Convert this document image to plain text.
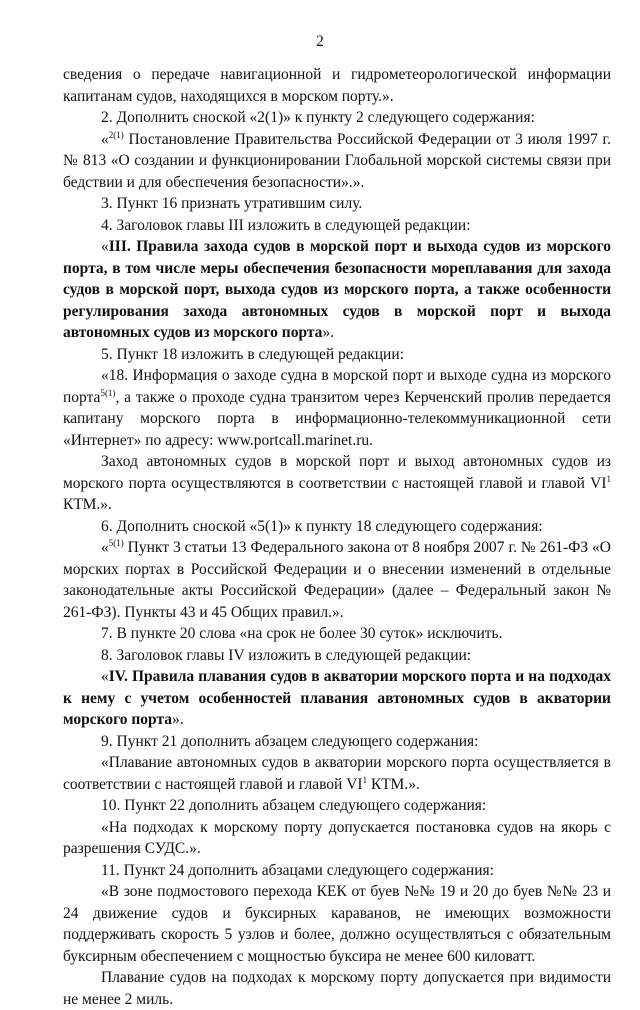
2

сведения о передаче навигационной и гидрометеорологической информации капитанам судов, находящихся в морском порту.».

2. Дополнить сноской «2(1)» к пункту 2 следующего содержания:

«$^{2(1)}$ Постановление Правительства Российской Федерации от 3 июля 1997 г. № 813 «О создании и функционировании Глобальной морской системы связи при бедствии и для обеспечения безопасности».».

3. Пункт 16 признать утратившим силу.

4. Заголовок главы III изложить в следующей редакции:

«III. Правила захода судов в морской порт и выхода судов из морского порта, в том числе меры обеспечения безопасности мореплавания для захода судов в морской порт, выхода судов из морского порта, а также особенности регулирования захода автономных судов в морской порт и выхода автономных судов из морского порта».

5. Пункт 18 изложить в следующей редакции:

«18. Информация о заходе судна в морской порт и выходе судна из морского порта$^{5(1)}$, а также о проходе судна транзитом через Керченский пролив передается капитану морского порта в информационно-телекоммуникационной сети «Интернет» по адресу: www.portcall.marinet.ru.

Заход автономных судов в морской порт и выход автономных судов из морского порта осуществляются в соответствии с настоящей главой и главой $VI^1$ КТМ.».

6. Дополнить сноской «5(1)» к пункту 18 следующего содержания:

«$^{5(1)}$ Пункт 3 статьи 13 Федерального закона от 8 ноября 2007 г. № 261-ФЗ «О морских портах в Российской Федерации и о внесении изменений в отдельные законодательные акты Российской Федерации» (далее – Федеральный закон № 261-ФЗ). Пункты 43 и 45 Общих правил.».

7. В пункте 20 слова «на срок не более 30 суток» исключить.

8. Заголовок главы IV изложить в следующей редакции:

«IV. Правила плавания судов в акватории морского порта и на подходах к нему с учетом особенностей плавания автономных судов в акватории морского порта».

9. Пункт 21 дополнить абзацем следующего содержания:

«Плавание автономных судов в акватории морского порта осуществляется в соответствии с настоящей главой и главой $VI^1$ КТМ.».

10. Пункт 22 дополнить абзацем следующего содержания:

«На подходах к морскому порту допускается постановка судов на якорь с разрешения СУДС.».

11. Пункт 24 дополнить абзацами следующего содержания:

«В зоне подмостового перехода КЕК от буев №№ 19 и 20 до буев №№ 23 и 24 движение судов и буксирных караванов, не имеющих возможности поддерживать скорость 5 узлов и более, должно осуществляться с обязательным буксирным обеспечением с мощностью буксира не менее 600 киловатт.

Плавание судов на подходах к морскому порту допускается при видимости не менее 2 миль.
